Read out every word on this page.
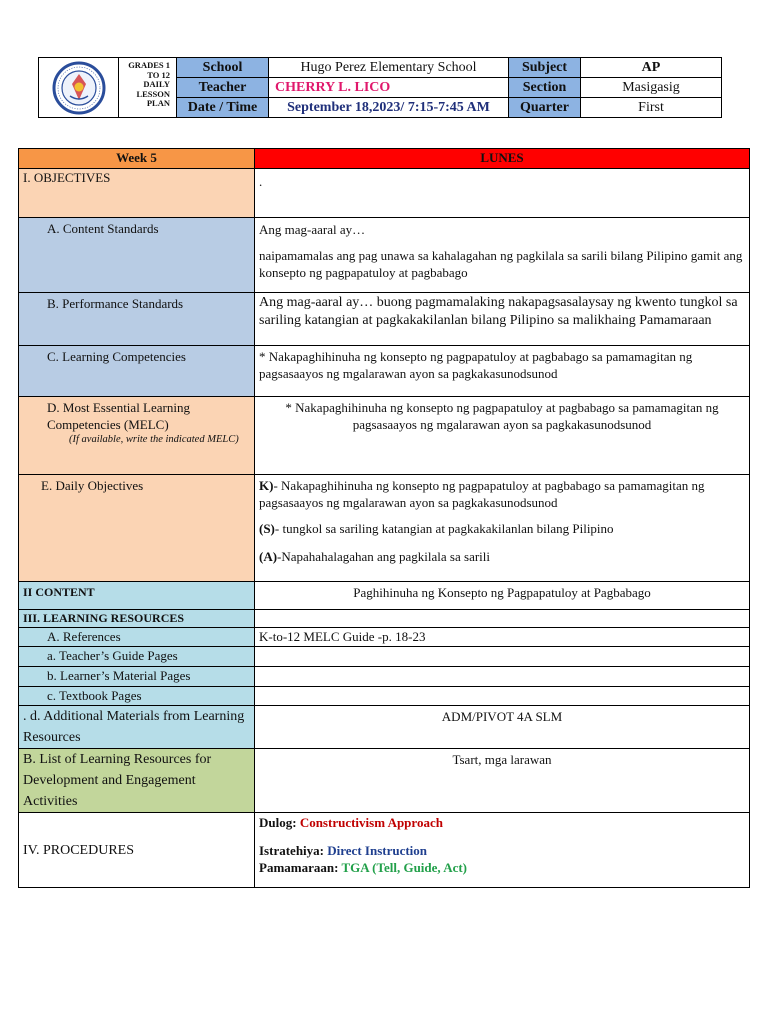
GRADES 1
TO 12
DAILY
LESSON
PLAN	School	Hugo Perez Elementary School	Subject	AP
		Teacher	CHERRY L. LICO	Section	Masigasig
		Date / Time	September 18,2023/ 7:15-7:45 AM	Quarter	First
Week 5	LUNES
I. OBJECTIVES	.
A. Content Standards	Ang mag-aaral ay…

naipamamalas ang pag unawa sa kahalagahan ng pagkilala sa sarili bilang Pilipino gamit ang konsepto ng pagpapatuloy at pagbabago

B. Performance Standards	Ang mag-aaral ay… buong pagmamalaking nakapagsasalaysay ng kwento tungkol sa sariling katangian at pagkakakilanlan bilang Pilipino sa malikhaing Pamamaraan
C. Learning Competencies	* Nakapaghihinuha ng konsepto ng pagpapatuloy at pagbabago sa pamamagitan ng pagsasaayos ng mgalarawan ayon sa pagkakasunodsunod

D. Most Essential Learning Competencies (MELC)
(If available, write the indicated MELC)	* Nakapaghihinuha ng konsepto ng pagpapatuloy at pagbabago sa pamamagitan ng pagsasaayos ng mgalarawan ayon sa pagkakasunodsunod
E. Daily Objectives	K)- Nakapaghihinuha ng konsepto ng pagpapatuloy at pagbabago sa pamamagitan ng pagsasaayos ng mgalarawan ayon sa pagkakasunodsunod

(S)- tungkol sa sariling katangian at pagkakakilanlan bilang Pilipino

(A)-Napahahalagahan ang pagkilala sa sarili

II CONTENT	Paghihinuha ng Konsepto ng Pagpapatuloy at Pagbabago
III. LEARNING RESOURCES	
A. References	K-to-12 MELC Guide -p. 18-23
a. Teacher’s Guide Pages	
b. Learner’s Material Pages	
c. Textbook Pages	
. d. Additional Materials from Learning Resources	ADM/PIVOT 4A SLM
B. List of Learning Resources for Development and Engagement Activities	Tsart, mga larawan
IV. PROCEDURES	Dulog: Constructivism Approach

Istratehiya: Direct Instruction

Pamamaraan: TGA (Tell, Guide, Act)
